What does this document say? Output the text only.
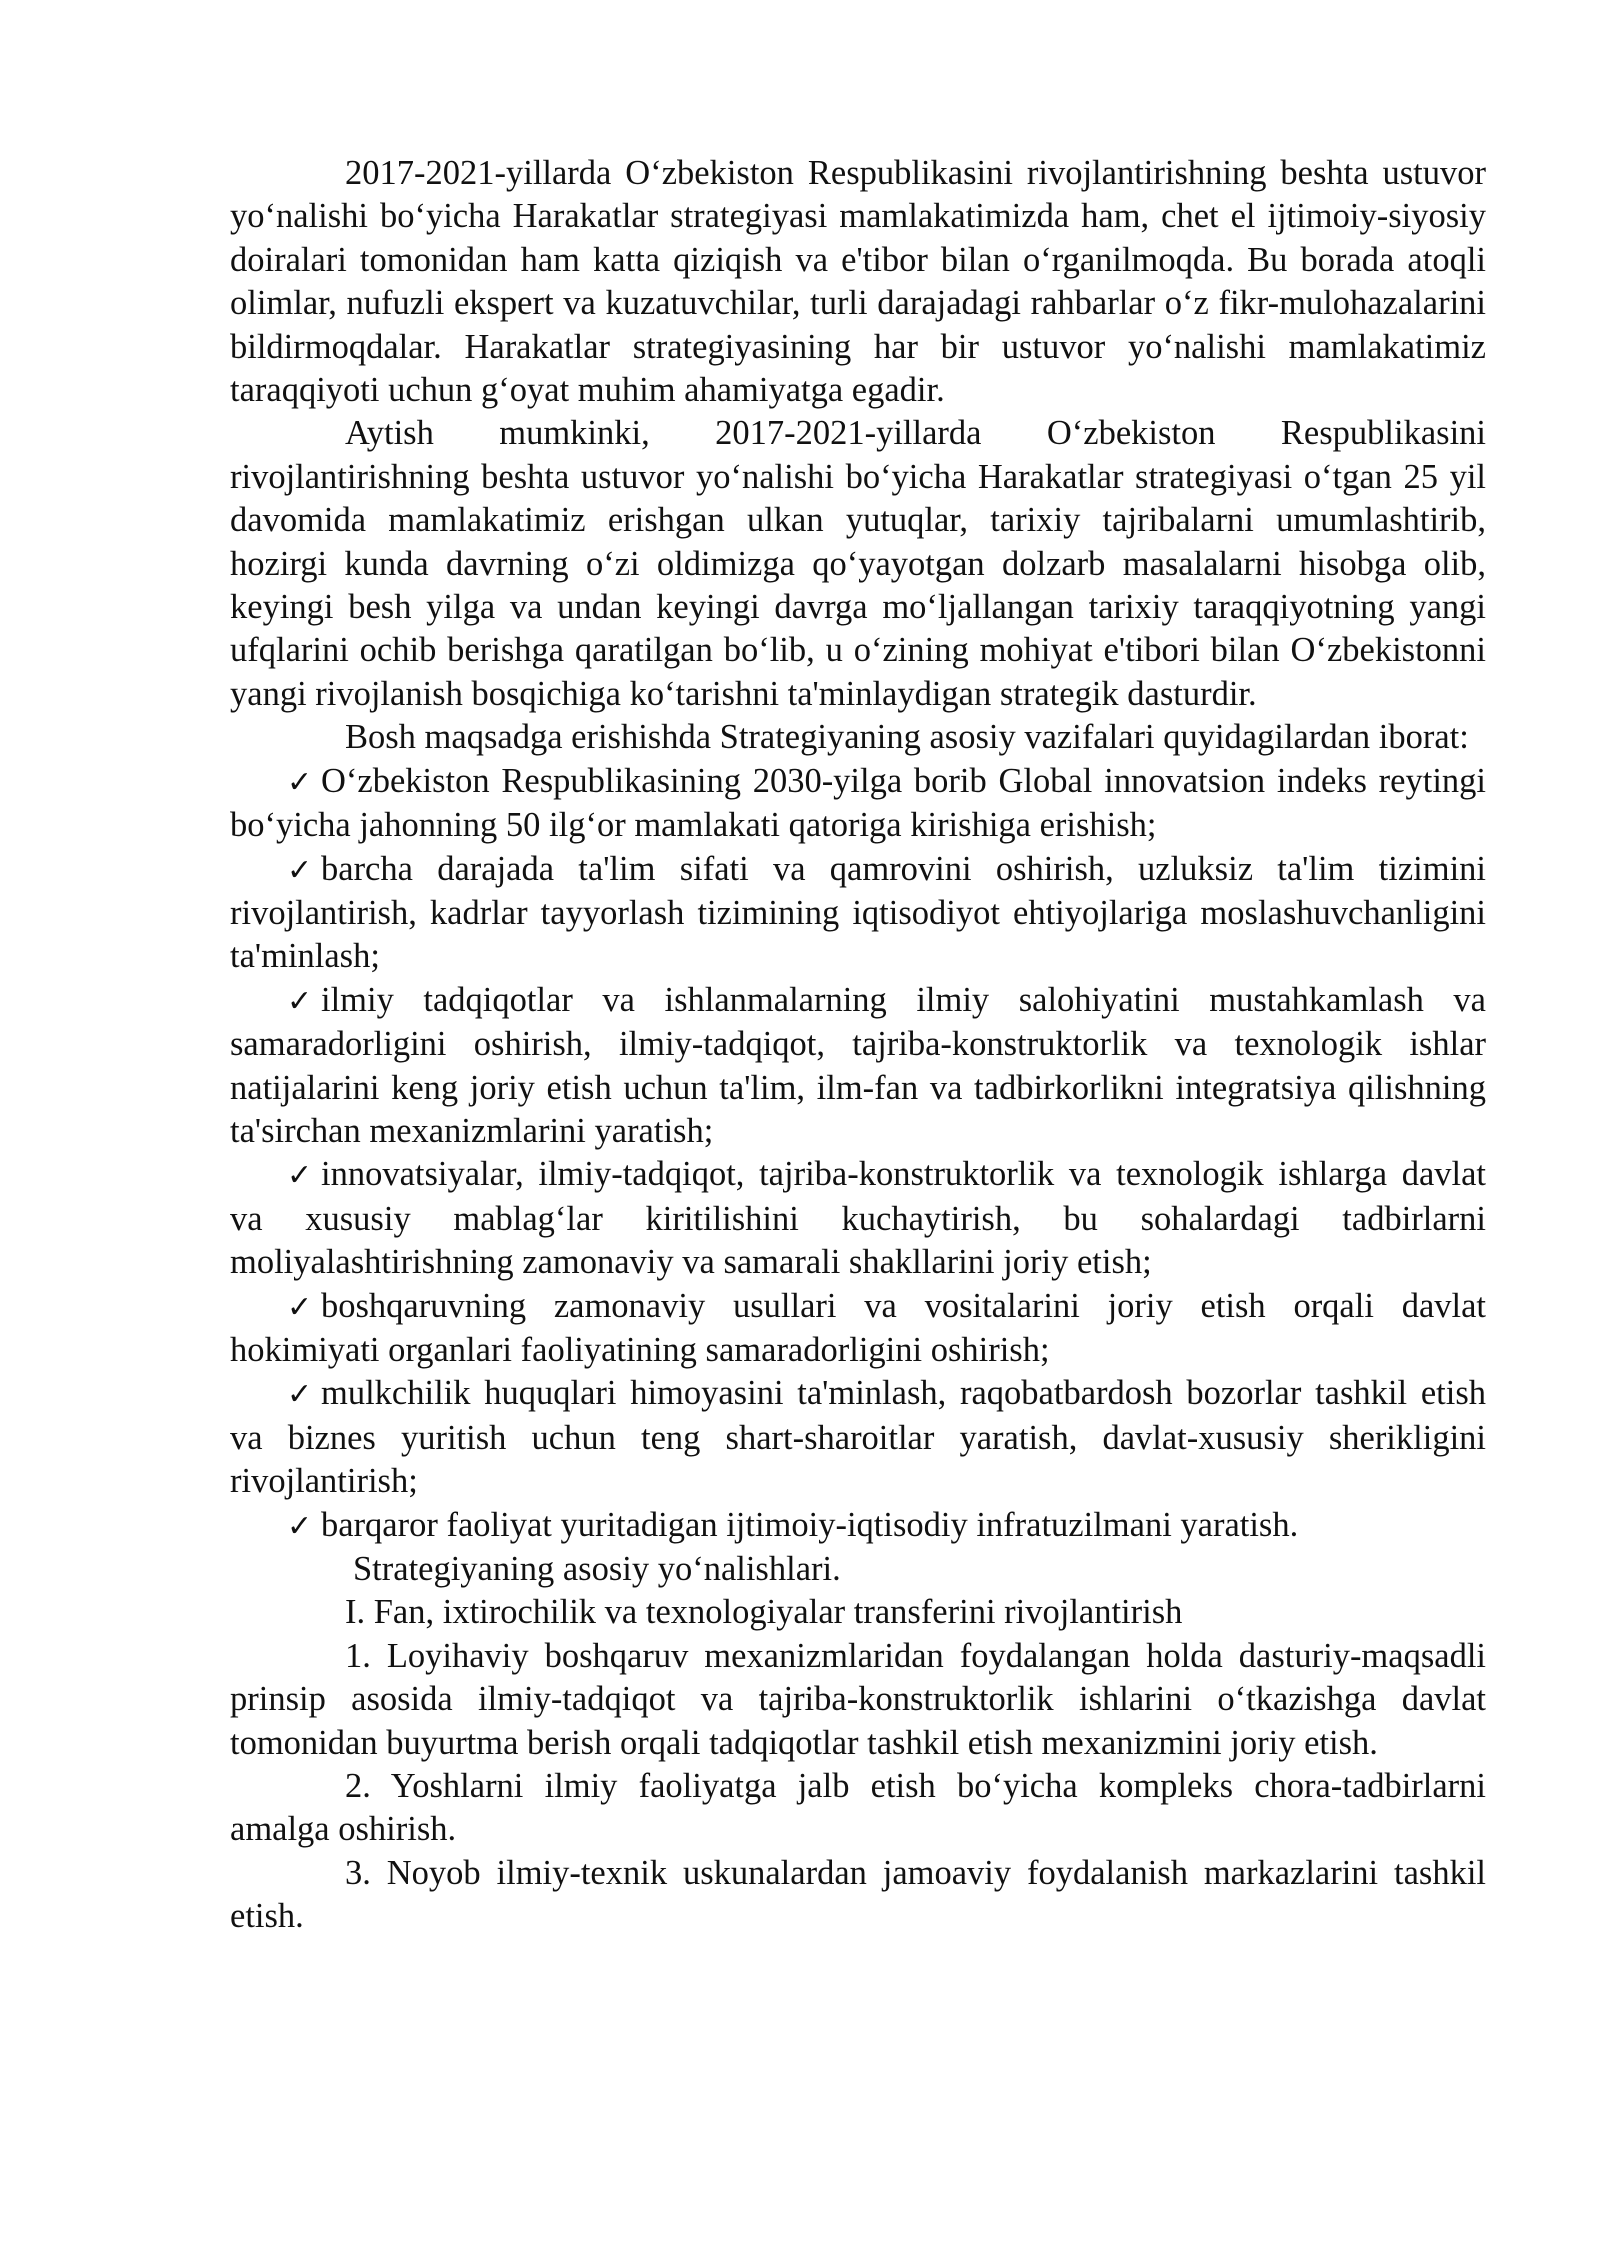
2017-2021-yillarda O‘zbekiston Respublikasini rivojlantirishning beshta ustuvor yo‘nalishi bo‘yicha Harakatlar strategiyasi mamlakatimizda ham, chet el ijtimoiy-siyosiy doiralari tomonidan ham katta qiziqish va e'tibor bilan o‘rganilmoqda. Bu borada atoqli olimlar, nufuzli ekspert va kuzatuvchilar, turli darajadagi rahbarlar o‘z fikr-mulohazalarini bildirmoqdalar. Harakatlar strategiyasining har bir ustuvor yo‘nalishi mamlakatimiz taraqqiyoti uchun g‘oyat muhim ahamiyatga egadir.

Aytish mumkinki, 2017-2021-yillarda O‘zbekiston Respublikasini rivojlantirishning beshta ustuvor yo‘nalishi bo‘yicha Harakatlar strategiyasi o‘tgan 25 yil davomida mamlakatimiz erishgan ulkan yutuqlar, tarixiy tajribalarni umumlashtirib, hozirgi kunda davrning o‘zi oldimizga qo‘yayotgan dolzarb masalalarni hisobga olib, keyingi besh yilga va undan keyingi davrga mo‘ljallangan tarixiy taraqqiyotning yangi ufqlarini ochib berishga qaratilgan bo‘lib, u o‘zining mohiyat e'tibori bilan O‘zbekistonni yangi rivojlanish bosqichiga ko‘tarishni ta'minlaydigan strategik dasturdir.

Bosh maqsadga erishishda Strategiyaning asosiy vazifalari quyidagilardan iborat:

✓ O‘zbekiston Respublikasining 2030-yilga borib Global innovatsion indeks reytingi bo‘yicha jahonning 50 ilg‘or mamlakati qatoriga kirishiga erishish;

✓ barcha darajada ta'lim sifati va qamrovini oshirish, uzluksiz ta'lim tizimini rivojlantirish, kadrlar tayyorlash tizimining iqtisodiyot ehtiyojlariga moslashuvchanligini ta'minlash;

✓ ilmiy tadqiqotlar va ishlanmalarning ilmiy salohiyatini mustahkamlash va samaradorligini oshirish, ilmiy-tadqiqot, tajriba-konstruktorlik va texnologik ishlar natijalarini keng joriy etish uchun ta'lim, ilm-fan va tadbirkorlikni integratsiya qilishning ta'sirchan mexanizmlarini yaratish;

✓ innovatsiyalar, ilmiy-tadqiqot, tajriba-konstruktorlik va texnologik ishlarga davlat va xususiy mablag‘lar kiritilishini kuchaytirish, bu sohalardagi tadbirlarni moliyalashtirishning zamonaviy va samarali shakllarini joriy etish;

✓ boshqaruvning zamonaviy usullari va vositalarini joriy etish orqali davlat hokimiyati organlari faoliyatining samaradorligini oshirish;

✓ mulkchilik huquqlari himoyasini ta'minlash, raqobatbardosh bozorlar tashkil etish va biznes yuritish uchun teng shart-sharoitlar yaratish, davlat-xususiy sherikligini rivojlantirish;

✓ barqaror faoliyat yuritadigan ijtimoiy-iqtisodiy infratuzilmani yaratish.

Strategiyaning asosiy yo‘nalishlari.

I. Fan, ixtirochilik va texnologiyalar transferini rivojlantirish

1. Loyihaviy boshqaruv mexanizmlaridan foydalangan holda dasturiy-maqsadli prinsip asosida ilmiy-tadqiqot va tajriba-konstruktorlik ishlarini o‘tkazishga davlat tomonidan buyurtma berish orqali tadqiqotlar tashkil etish mexanizmini joriy etish.

2. Yoshlarni ilmiy faoliyatga jalb etish bo‘yicha kompleks chora-tadbirlarni amalga oshirish.

3. Noyob ilmiy-texnik uskunalardan jamoaviy foydalanish markazlarini tashkil etish.
